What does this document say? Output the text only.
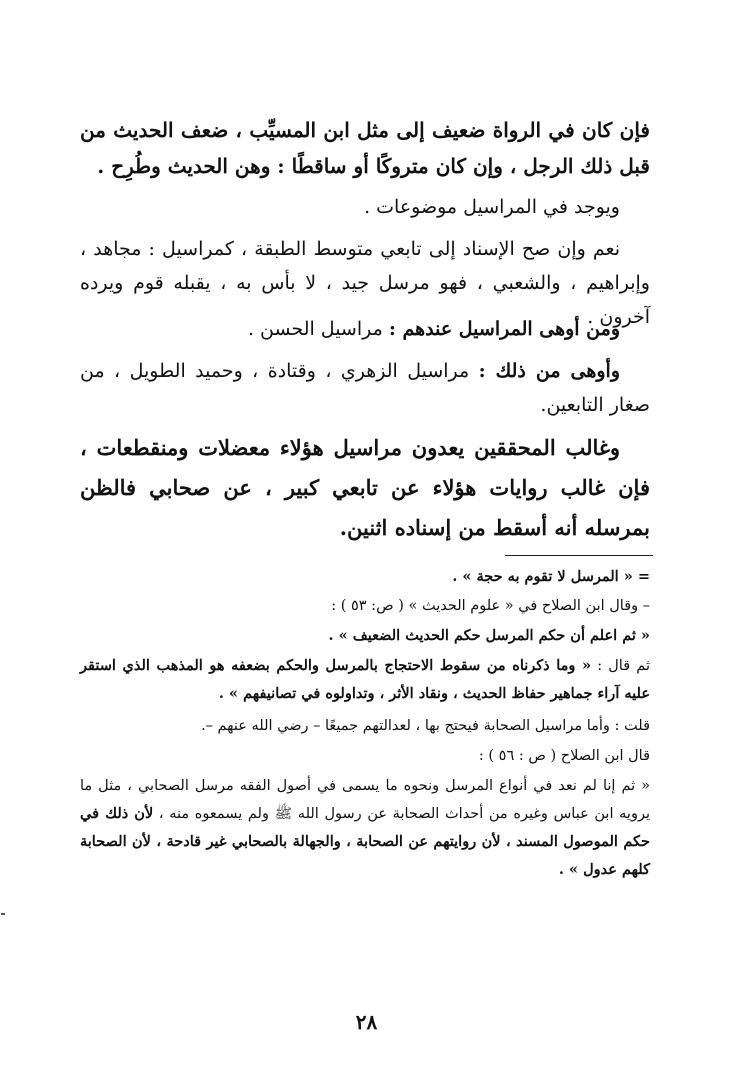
فإن كان في الرواة ضعيف إلى مثل ابن المسيِّب ، ضعف الحديث من قبل ذلك الرجل ، وإن كان متروكًا أو ساقطًا : وهن الحديث وطُرِح .

ويوجد في المراسيل موضوعات .

نعم وإن صح الإسناد إلى تابعي متوسط الطبقة ، كمراسيل : مجاهد ، وإبراهيم ، والشعبي ، فهو مرسل جيد ، لا بأس به ، يقبله قوم ويرده آخرون .

ومن أوهى المراسيل عندهم : مراسيل الحسن .

وأوهى من ذلك : مراسيل الزهري ، وقتادة ، وحميد الطويل ، من صغار التابعين.

وغالب المحققين يعدون مراسيل هؤلاء معضلات ومنقطعات ، فإن غالب روايات هؤلاء عن تابعي كبير ، عن صحابي فالظن بمرسله أنه أسقط من إسناده اثنين.

= « المرسل لا تقوم به حجة » .

– وقال ابن الصلاح في « علوم الحديث » ( ص: ٥٣ ) :

« ثم اعلم أن حكم المرسل حكم الحديث الضعيف » .

ثم قال : « وما ذكرناه من سقوط الاحتجاج بالمرسل والحكم بضعفه هو المذهب الذي استقر عليه آراء جماهير حفاظ الحديث ، ونقاد الأثر ، وتداولوه في تصانيفهم » .

قلت : وأما مراسيل الصحابة فيحتج بها ، لعدالتهم جميعًا – رضي الله عنهم –.

قال ابن الصلاح ( ص : ٥٦ ) :

« ثم إنا لم نعد في أنواع المرسل ونحوه ما يسمى في أصول الفقه مرسل الصحابي ، مثل ما يرويه ابن عباس وغيره من أحداث الصحابة عن رسول الله ﷺ ولم يسمعوه منه ، لأن ذلك في حكم الموصول المسند ، لأن روايتهم عن الصحابة ، والجهالة بالصحابي غير قادحة ، لأن الصحابة كلهم عدول » .

٢٨
